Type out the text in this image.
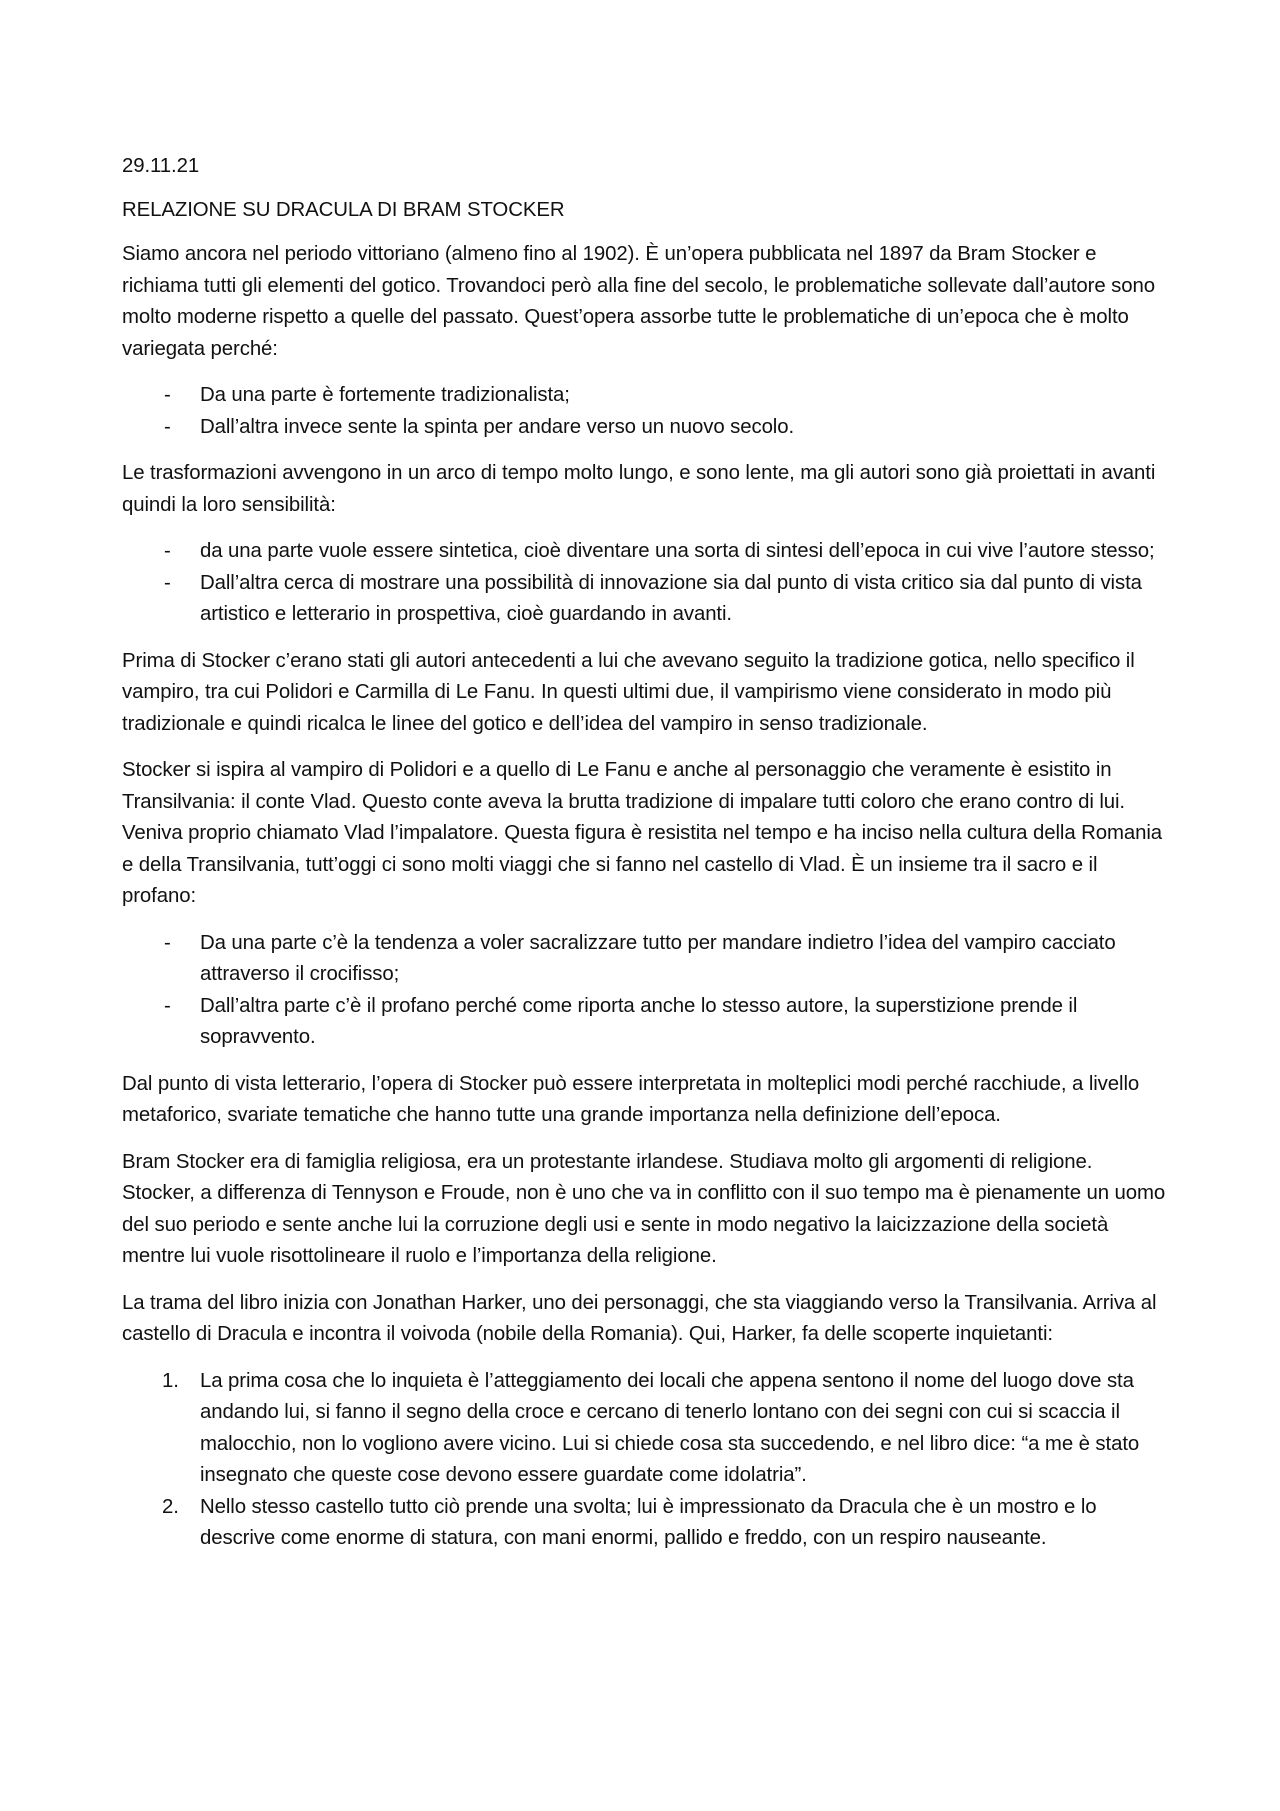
29.11.21
RELAZIONE SU DRACULA DI BRAM STOCKER
Siamo ancora nel periodo vittoriano (almeno fino al 1902). È un’opera pubblicata nel 1897 da Bram Stocker e richiama tutti gli elementi del gotico. Trovandoci però alla fine del secolo, le problematiche sollevate dall’autore sono molto moderne rispetto a quelle del passato. Quest’opera assorbe tutte le problematiche di un’epoca che è molto variegata perché:
- Da una parte è fortemente tradizionalista;
- Dall’altra invece sente la spinta per andare verso un nuovo secolo.
Le trasformazioni avvengono in un arco di tempo molto lungo, e sono lente, ma gli autori sono già proiettati in avanti quindi la loro sensibilità:
- da una parte vuole essere sintetica, cioè diventare una sorta di sintesi dell’epoca in cui vive l’autore stesso;
- Dall’altra cerca di mostrare una possibilità di innovazione sia dal punto di vista critico sia dal punto di vista artistico e letterario in prospettiva, cioè guardando in avanti.
Prima di Stocker c’erano stati gli autori antecedenti a lui che avevano seguito la tradizione gotica, nello specifico il vampiro, tra cui Polidori e Carmilla di Le Fanu. In questi ultimi due, il vampirismo viene considerato in modo più tradizionale e quindi ricalca le linee del gotico e dell’idea del vampiro in senso tradizionale.
Stocker si ispira al vampiro di Polidori e a quello di Le Fanu e anche al personaggio che veramente è esistito in Transilvania: il conte Vlad. Questo conte aveva la brutta tradizione di impalare tutti coloro che erano contro di lui. Veniva proprio chiamato Vlad l’impalatore. Questa figura è resistita nel tempo e ha inciso nella cultura della Romania e della Transilvania, tutt’oggi ci sono molti viaggi che si fanno nel castello di Vlad. È un insieme tra il sacro e il profano:
- Da una parte c’è la tendenza a voler sacralizzare tutto per mandare indietro l’idea del vampiro cacciato attraverso il crocifisso;
- Dall’altra parte c’è il profano perché come riporta anche lo stesso autore, la superstizione prende il sopravvento.
Dal punto di vista letterario, l’opera di Stocker può essere interpretata in molteplici modi perché racchiude, a livello metaforico, svariate tematiche che hanno tutte una grande importanza nella definizione dell’epoca.
Bram Stocker era di famiglia religiosa, era un protestante irlandese. Studiava molto gli argomenti di religione. Stocker, a differenza di Tennyson e Froude, non è uno che va in conflitto con il suo tempo ma è pienamente un uomo del suo periodo e sente anche lui la corruzione degli usi e sente in modo negativo la laicizzazione della società mentre lui vuole risottolineare il ruolo e l’importanza della religione.
La trama del libro inizia con Jonathan Harker, uno dei personaggi, che sta viaggiando verso la Transilvania. Arriva al castello di Dracula e incontra il voivoda (nobile della Romania). Qui, Harker, fa delle scoperte inquietanti:
1. La prima cosa che lo inquieta è l’atteggiamento dei locali che appena sentono il nome del luogo dove sta andando lui, si fanno il segno della croce e cercano di tenerlo lontano con dei segni con cui si scaccia il malocchio, non lo vogliono avere vicino. Lui si chiede cosa sta succedendo, e nel libro dice: “a me è stato insegnato che queste cose devono essere guardate come idolatria”.
2. Nello stesso castello tutto ciò prende una svolta; lui è impressionato da Dracula che è un mostro e lo descrive come enorme di statura, con mani enormi, pallido e freddo, con un respiro nauseante.
